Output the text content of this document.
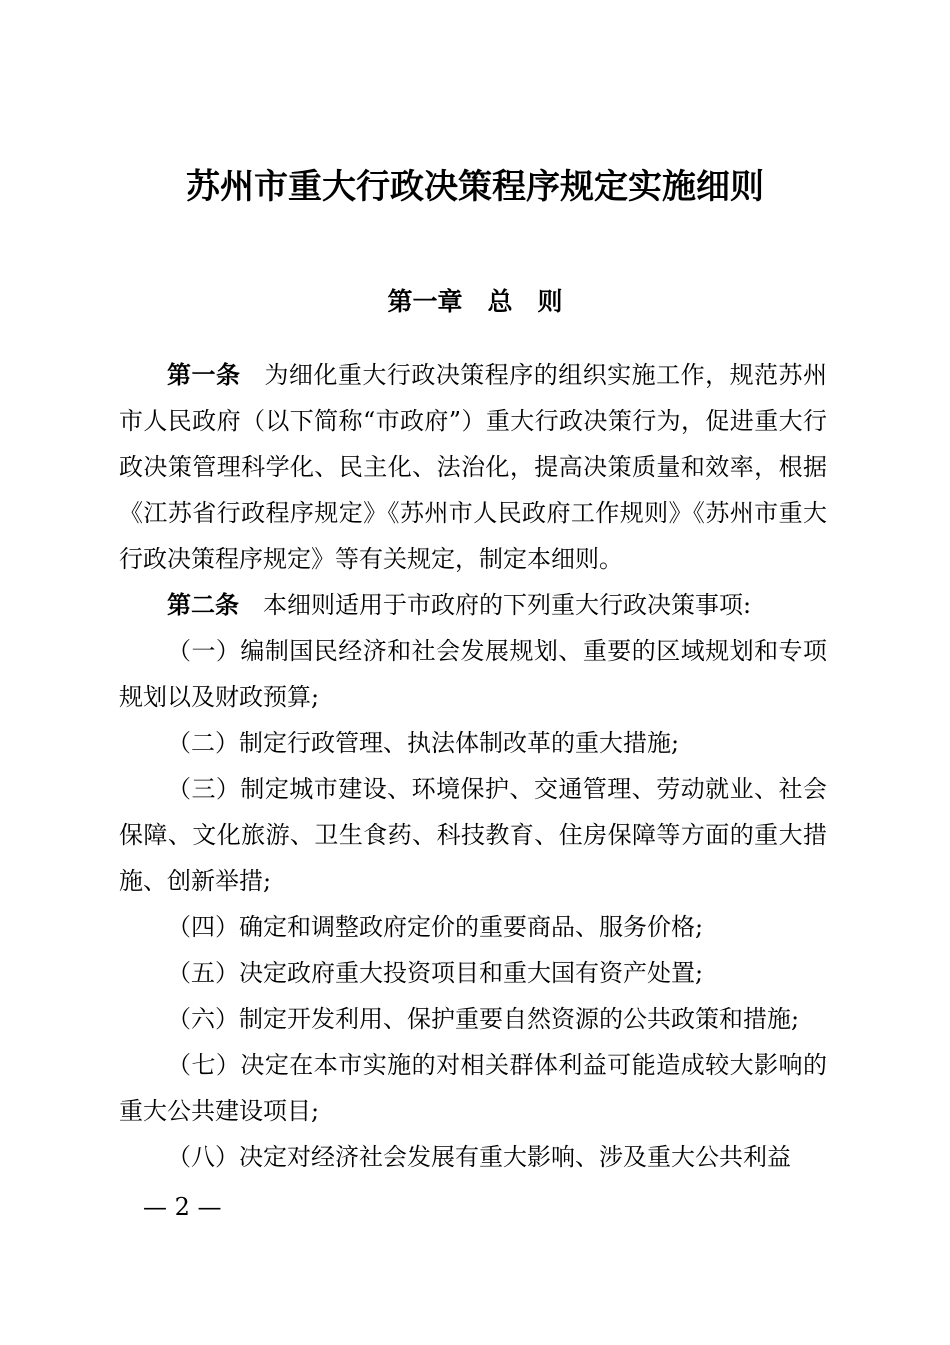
苏州市重大行政决策程序规定实施细则
第一章　总　则

第一条 为细化重大行政决策程序的组织实施工作，规范苏州市人民政府（以下简称“市政府”）重大行政决策行为，促进重大行政决策管理科学化、民主化、法治化，提高决策质量和效率，根据《江苏省行政程序规定》《苏州市人民政府工作规则》《苏州市重大行政决策程序规定》等有关规定，制定本细则。

第二条 本细则适用于市政府的下列重大行政决策事项:

（一）编制国民经济和社会发展规划、重要的区域规划和专项规划以及财政预算;

（二）制定行政管理、执法体制改革的重大措施;

（三）制定城市建设、环境保护、交通管理、劳动就业、社会保障、文化旅游、卫生食药、科技教育、住房保障等方面的重大措施、创新举措;

（四）确定和调整政府定价的重要商品、服务价格;

（五）决定政府重大投资项目和重大国有资产处置;

（六）制定开发利用、保护重要自然资源的公共政策和措施;

（七）决定在本市实施的对相关群体利益可能造成较大影响的重大公共建设项目;

（八）决定对经济社会发展有重大影响、涉及重大公共利益

— 2 —
